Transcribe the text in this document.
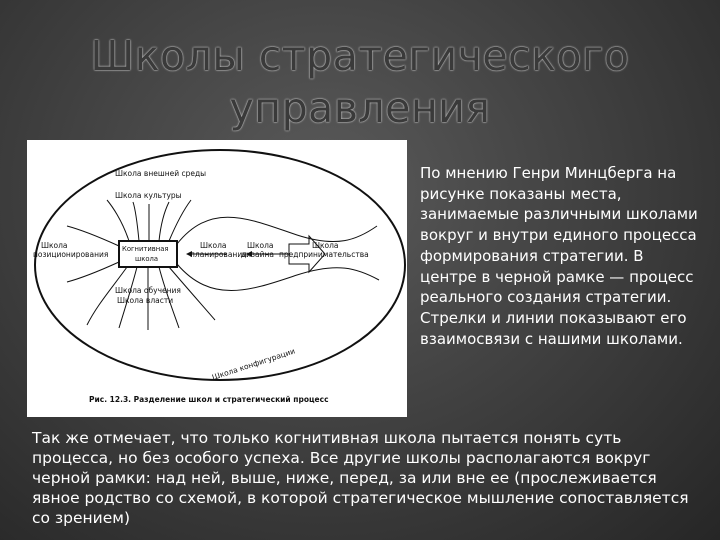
Школы стратегического управления
Школа внешней среды
Школа культуры
Школа
позиционирования
Когнитивная
школа
Школа
планирования
Школа
дизайна
Школа
предпринимательства
Школа обучения
Школа власти
Школа конфигурации
Рис. 12.3. Разделение школ и стратегический процесс
По мнению Генри Минцберга на рисунке показаны места, занимаемые различными школами вокруг и внутри единого процесса формирования стратегии. В центре в черной рамке — процесс реального создания стратегии. Стрелки и линии показывают его взаимосвязи с нашими школами.
Так же отмечает, что только когнитивная школа пытается понять суть процесса, но без особого успеха. Все другие школы располагаются вокруг черной рамки: над ней, выше, ниже, перед, за или вне ее (прослеживается явное родство со схемой, в которой стратегическое мышление сопоставляется со зрением)
